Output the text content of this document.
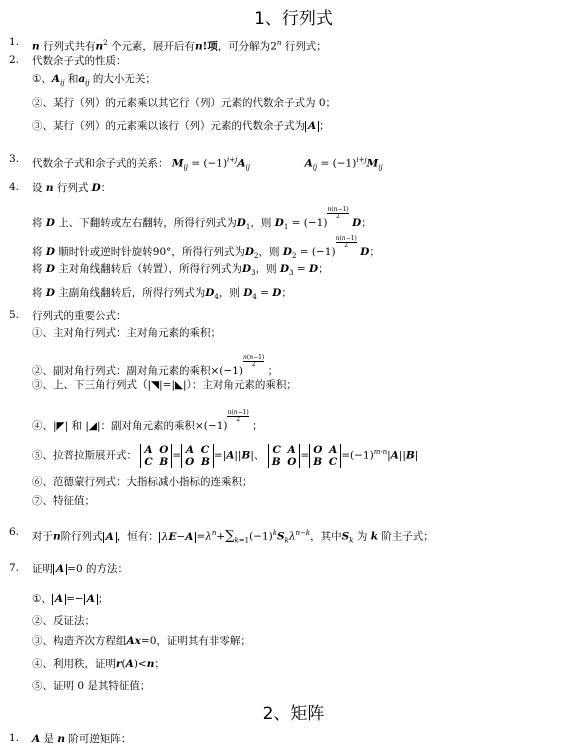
1、行列式
1. n 行列式共有$n^2$ 个元素，展开后有n!项，可分解为2$^n$ 行列式；
2. 代数余子式的性质：
①、$A_{ij}$ 和$a_{ij}$ 的大小无关；
②、某行（列）的元素乘以其它行（列）元素的代数余子式为 0；
③、某行（列）的元素乘以该行（列）元素的代数余子式为 A ；
3. 代数余子式和余子式的关系： $M_{ij} = (-1)^{i+j}A_{ij}$	$A_{ij} = (-1)^{i+j}M_{ij}$
4. 设 n 行列式 D：
将 D 上、下翻转或左右翻转，所得行列式为$D_1$，则 $D_1 = (-1)$
n(n−1)
2 D；
将 D 顺时针或逆时针旋转90°，所得行列式为$D_2$，则 $D_2 = (-1)$
n(n−1)
2 D；
将 D 主对角线翻转后（转置），所得行列式为$D_3$，则 $D_3 = D$；
将 D 主副角线翻转后，所得行列式为$D_4$，则 $D_4 = D$；
5. 行列式的重要公式：
①、主对角行列式：主对角元素的乘积；
②、副对角行列式：副对角元素的乘积×(−1)
n(n−1)
2 ；
③、上、下三角行列式（|◥|=|◣|）：主对角元素的乘积；
④、|◤| 和 |◢|：副对角元素的乘积×(−1)
n(n−1)
2 ；
⑤、拉普拉斯展开式： A O
C B = A C
O B =|A||B|、 C A
B O = O A
B $C =(-1)^{m\cdot n}|A||B|$
⑥、范德蒙行列式：大指标减小指标的连乘积；
⑦、特征值；
6. 对于n阶行列式 A ，恒有： $\lambda E-A =\lambda^n+\sum_{k=1}(-1)^kS_k\lambda^{n-k}$，其中$S_k$ 为 k 阶主子式；
7. 证明 A =0 的方法：
①、 A =− A ；
②、反证法；
③、构造齐次方程组Ax=0，证明其有非零解；
④、利用秩，证明r(A)<n；
⑤、证明 0 是其特征值；
2、矩阵
1. A 是 n 阶可逆矩阵：
